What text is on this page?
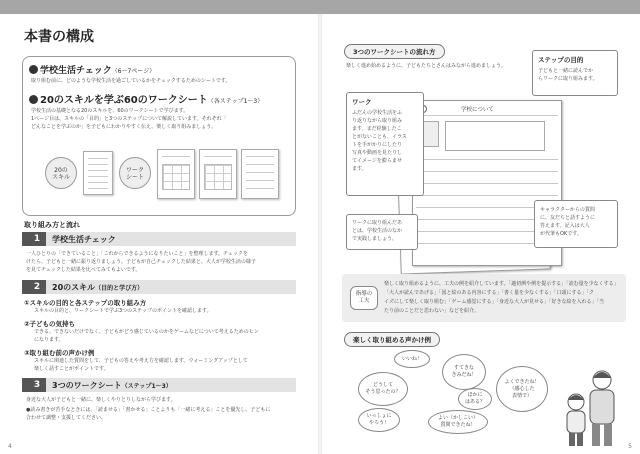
本書の構成
学校生活チェック（6〜7ページ）
取り組む前に、どのような学校生活を過ごしているかをチェックするためのシートです。
20のスキルを学ぶ60のワークシート（各ステップ1〜3）
学校生活の基礎となる20のスキルを、60のワークシートで学びます。
1ページ目は、スキルの「目的」と3つのステップについて解説しています。それぞれ「
どんなことを学ぶのか」を子どもにわかりやすく伝え、楽しく取り組みましょう。
20の
スキル
ワーク
シート
取り組み方と流れ
1	学校生活チェック
一人ひとりの「できていること」「これからできるようになりたいこと」を整理します。チェックを
けたら、子どもと一緒に振り返りましょう。子どもが自己チェックした結果と、大人が学校生活の様子
を見てチェックした結果を比べてみてもよいです。
2	20のスキル（目的と学び方）
①スキルの目的と各ステップの取り組み方
スキルの目的と、ワークシートで学ぶ3つのステップのポイントを確認します。
②子どもの気持ち
できる、できないだけでなく、子どもがどう感じているのかをゲームなどについて考えるためのヒン
になります。
③取り組む前の声かけ例
スキルに関連した質問をして、子どもの答えや考え方を確認します。ウォーミングアップとして
楽しく話すことがポイントです。
3	3つのワークシート（ステップ1〜3）
身近な大人が子どもと一緒に、楽しくやりとりしながら学びます。
●読み書きが苦手なときには、「読ませる」「書かせる」ことよりも「一緒に考える」ことを優先し、子どもに
合わせて調整・支援してください。
4
3つのワークシートの流れ方
楽しく進め始めるように、子どもたちとさんはみながら進めましょう。
学校について
ワーク
ふだんの学校生活をふ
り返りながら取り組み
ます。まだ経験したこ
とがないことも、イラス
トを手がかりにしたり
写真や動画を見たりし
てイメージを膨らませ
ます。
ステップの目的
子どもと一緒に読んでか
らワークに取り組みます。
ワークに取り組んだあ
とは、学校生活のなか
で実践しましょう。
キャラクターからの質問
に、友だちと話すように
答えます。記入は大人
が代筆もOKです。
指導の
工夫
楽しく取り組めるように、工夫の例を紹介しています。「適切例や例を提示する」「読む量を少なくする」
「大人が読んであげる」「図と絵のある内容にする」「書く量を少なくする」「口頭にする」「ク
イズにして楽しく取り組む」「ゲーム感覚にする」「身近な大人が見せる」「好きな絵を入れる」「当
たり前のことだと思わない」などを紹介。
楽しく取り組める声かけ例
いいね！
どうして
そう思ったの？
すてきな
きみだね！
ほかに
はある？
よくできたね！
（感心した
表情で）
いっしょに
やろう！
よい（かしこい）
質問できたね！
5
